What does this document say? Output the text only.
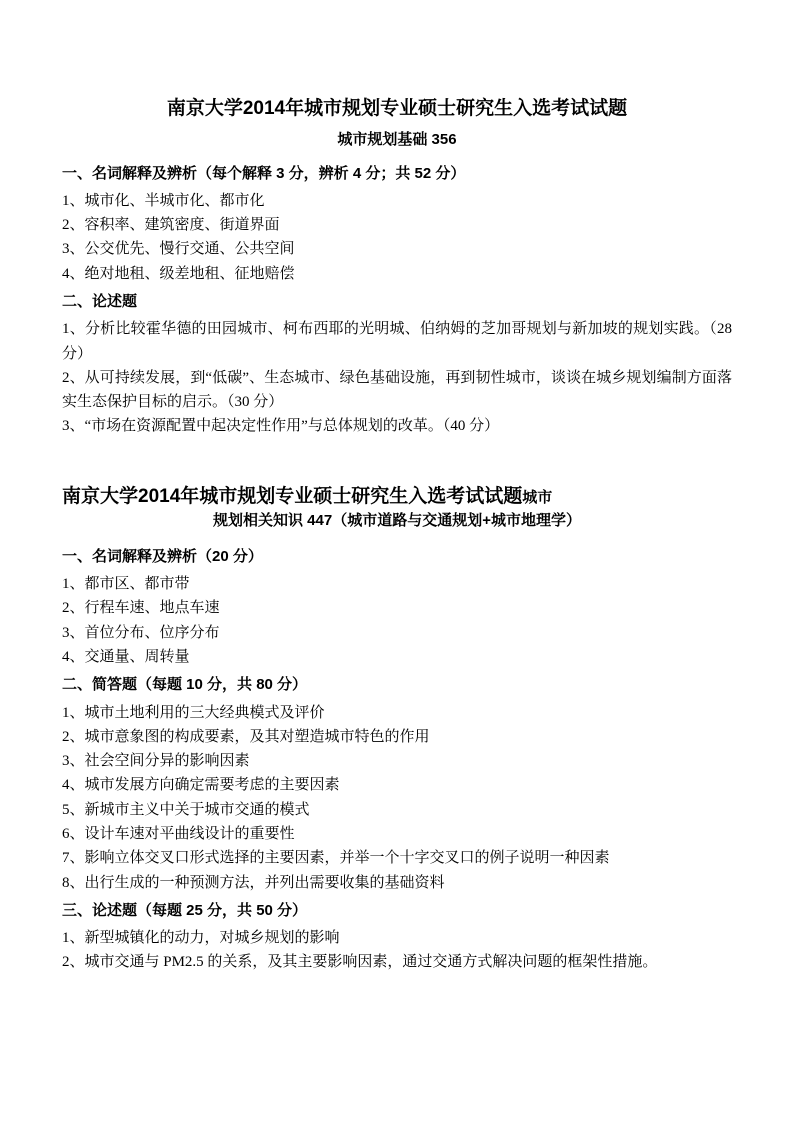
南京大学2014年城市规划专业硕士研究生入选考试试题
城市规划基础 356
一、名词解释及辨析（每个解释 3 分，辨析 4 分；共 52 分）

1、城市化、半城市化、都市化

2、容积率、建筑密度、街道界面

3、公交优先、慢行交通、公共空间

4、绝对地租、级差地租、征地赔偿

二、论述题

1、分析比较霍华德的田园城市、柯布西耶的光明城、伯纳姆的芝加哥规划与新加坡的规划实践。（28 分）

2、从可持续发展，到“低碳”、生态城市、绿色基础设施，再到韧性城市，谈谈在城乡规划编制方面落实生态保护目标的启示。（30 分）

3、“市场在资源配置中起决定性作用”与总体规划的改革。（40 分）

南京大学2014年城市规划专业硕士研究生入选考试试题城市
规划相关知识 447（城市道路与交通规划+城市地理学）
一、名词解释及辨析（20 分）

1、都市区、都市带

2、行程车速、地点车速

3、首位分布、位序分布

4、交通量、周转量

二、简答题（每题 10 分，共 80 分）

1、城市土地利用的三大经典模式及评价

2、城市意象图的构成要素，及其对塑造城市特色的作用

3、社会空间分异的影响因素

4、城市发展方向确定需要考虑的主要因素

5、新城市主义中关于城市交通的模式

6、设计车速对平曲线设计的重要性

7、影响立体交叉口形式选择的主要因素，并举一个十字交叉口的例子说明一种因素

8、出行生成的一种预测方法，并列出需要收集的基础资料

三、论述题（每题 25 分，共 50 分）

1、新型城镇化的动力，对城乡规划的影响

2、城市交通与 PM2.5 的关系，及其主要影响因素，通过交通方式解决问题的框架性措施。
